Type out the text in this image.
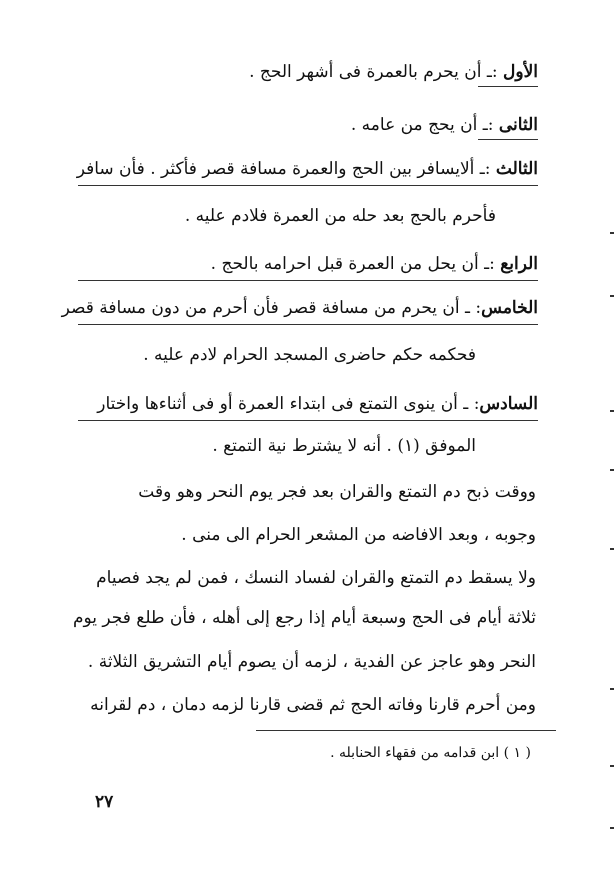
الأول :ـ أن يحرم بالعمرة فى أشهر الحج .
الثانى :ـ أن يحج من عامه .
الثالث :ـ ألايسافر بين الحج والعمرة مسافة قصر فأكثر . فأن سافر
فأحرم بالحج بعد حله من العمرة فلادم عليه .
الرابع :ـ أن يحل من العمرة قبل احرامه بالحج .
الخامس: ـ أن يحرم من مسافة قصر فأن أحرم من دون مسافة قصر
فحكمه حكم حاضرى المسجد الحرام لادم عليه .
السادس: ـ أن ينوى التمتع فى ابتداء العمرة أو فى أثناءها واختار
الموفق (١) . أنه لا يشترط نية التمتع .
ووقت ذبح دم التمتع والقران بعد فجر يوم النحر وهو وقت
وجوبه ، وبعد الافاضه من المشعر الحرام الى منى .
ولا يسقط دم التمتع والقران لفساد النسك ، فمن لم يجد فصيام
ثلاثة أيام فى الحج وسبعة أيام إذا رجع إلى أهله ، فأن طلع فجر يوم
النحر وهو عاجز عن الفدية ، لزمه أن يصوم أيام التشريق الثلاثة .
ومن أحرم قارنا وفاته الحج ثم قضى قارنا لزمه دمان ، دم لقرانه
( ١ ) ابن قدامه من فقهاء الحنابله .
٢٧
